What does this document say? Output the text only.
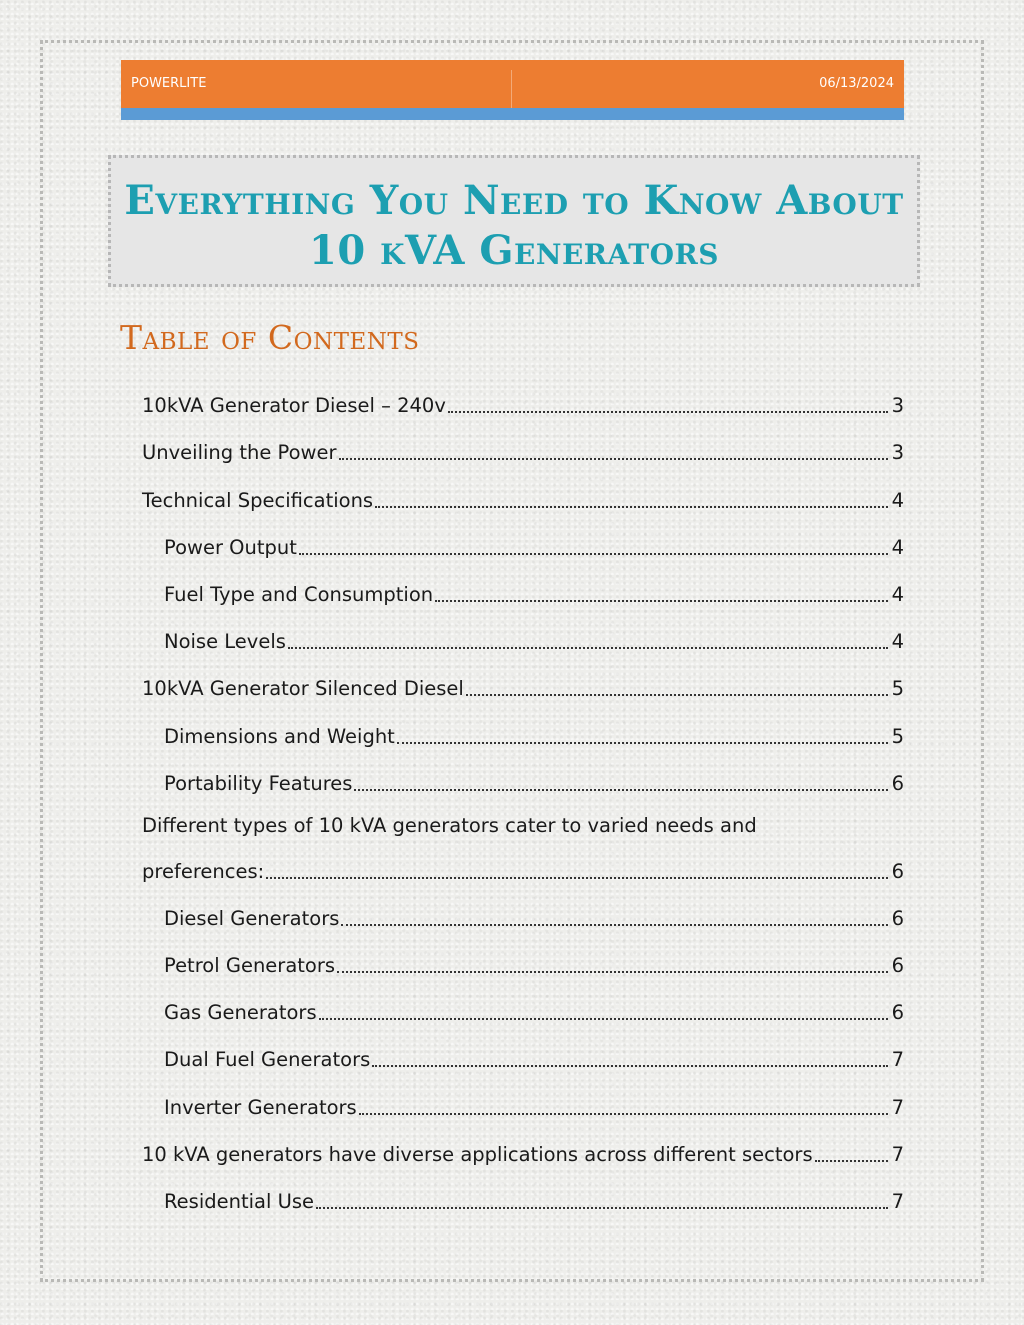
POWERLITE	06/13/2024
Everything You Need to Know About
10 kVA Generators
Table of Contents
10kVA Generator Diesel – 240v	3
Unveiling the Power	3
Technical Specifications	4
Power Output	4
Fuel Type and Consumption	4
Noise Levels	4
10kVA Generator Silenced Diesel	5
Dimensions and Weight	5
Portability Features	6
Different types of 10 kVA generators cater to varied needs and
preferences:	6
Diesel Generators	6
Petrol Generators	6
Gas Generators	6
Dual Fuel Generators	7
Inverter Generators	7
10 kVA generators have diverse applications across different sectors	7
Residential Use	7
